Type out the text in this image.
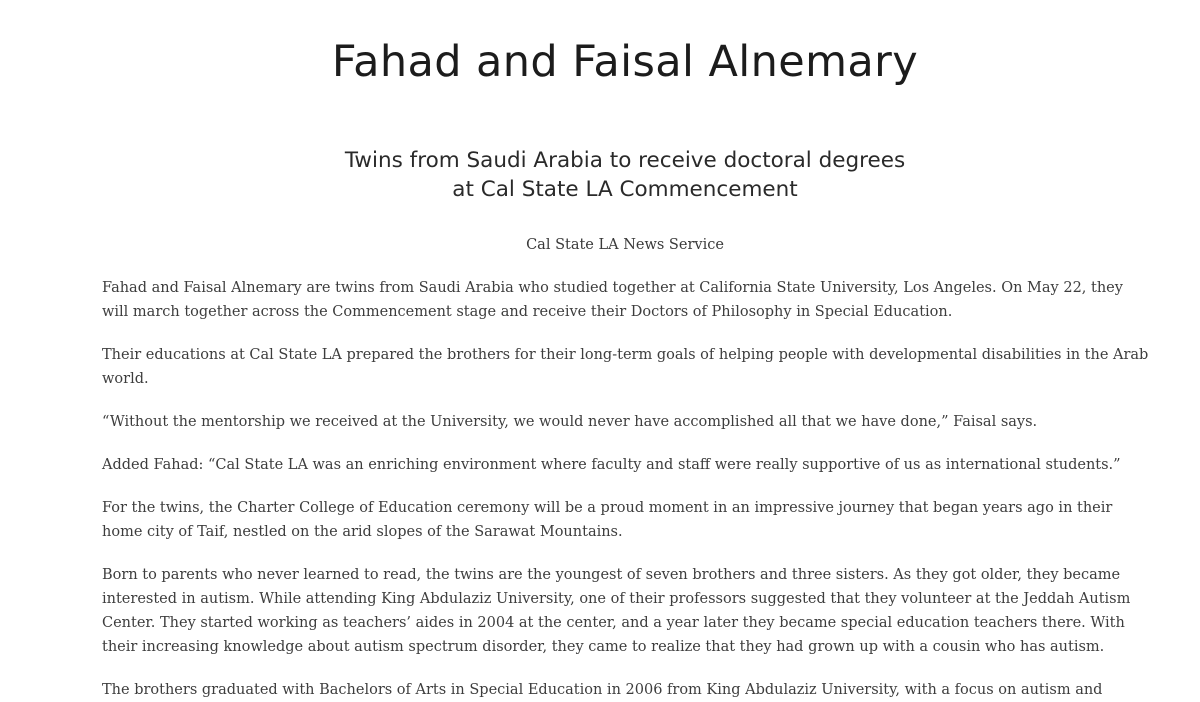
Fahad and Faisal Alnemary
Twins from Saudi Arabia to receive doctoral degrees
at Cal State LA Commencement
Cal State LA News Service

Fahad and Faisal Alnemary are twins from Saudi Arabia who studied together at California State University, Los Angeles. On May 22, they will march together across the Commencement stage and receive their Doctors of Philosophy in Special Education.

Their educations at Cal State LA prepared the brothers for their long-term goals of helping people with developmental disabilities in the Arab world.

“Without the mentorship we received at the University, we would never have accomplished all that we have done,” Faisal says.

Added Fahad: “Cal State LA was an enriching environment where faculty and staff were really supportive of us as international students.”

For the twins, the Charter College of Education ceremony will be a proud moment in an impressive journey that began years ago in their home city of Taif, nestled on the arid slopes of the Sarawat Mountains.

Born to parents who never learned to read, the twins are the youngest of seven brothers and three sisters. As they got older, they became interested in autism. While attending King Abdulaziz University, one of their professors suggested that they volunteer at the Jeddah Autism Center. They started working as teachers’ aides in 2004 at the center, and a year later they became special education teachers there. With their increasing knowledge about autism spectrum disorder, they came to realize that they had grown up with a cousin who has autism.

The brothers graduated with Bachelors of Arts in Special Education in 2006 from King Abdulaziz University, with a focus on autism and
